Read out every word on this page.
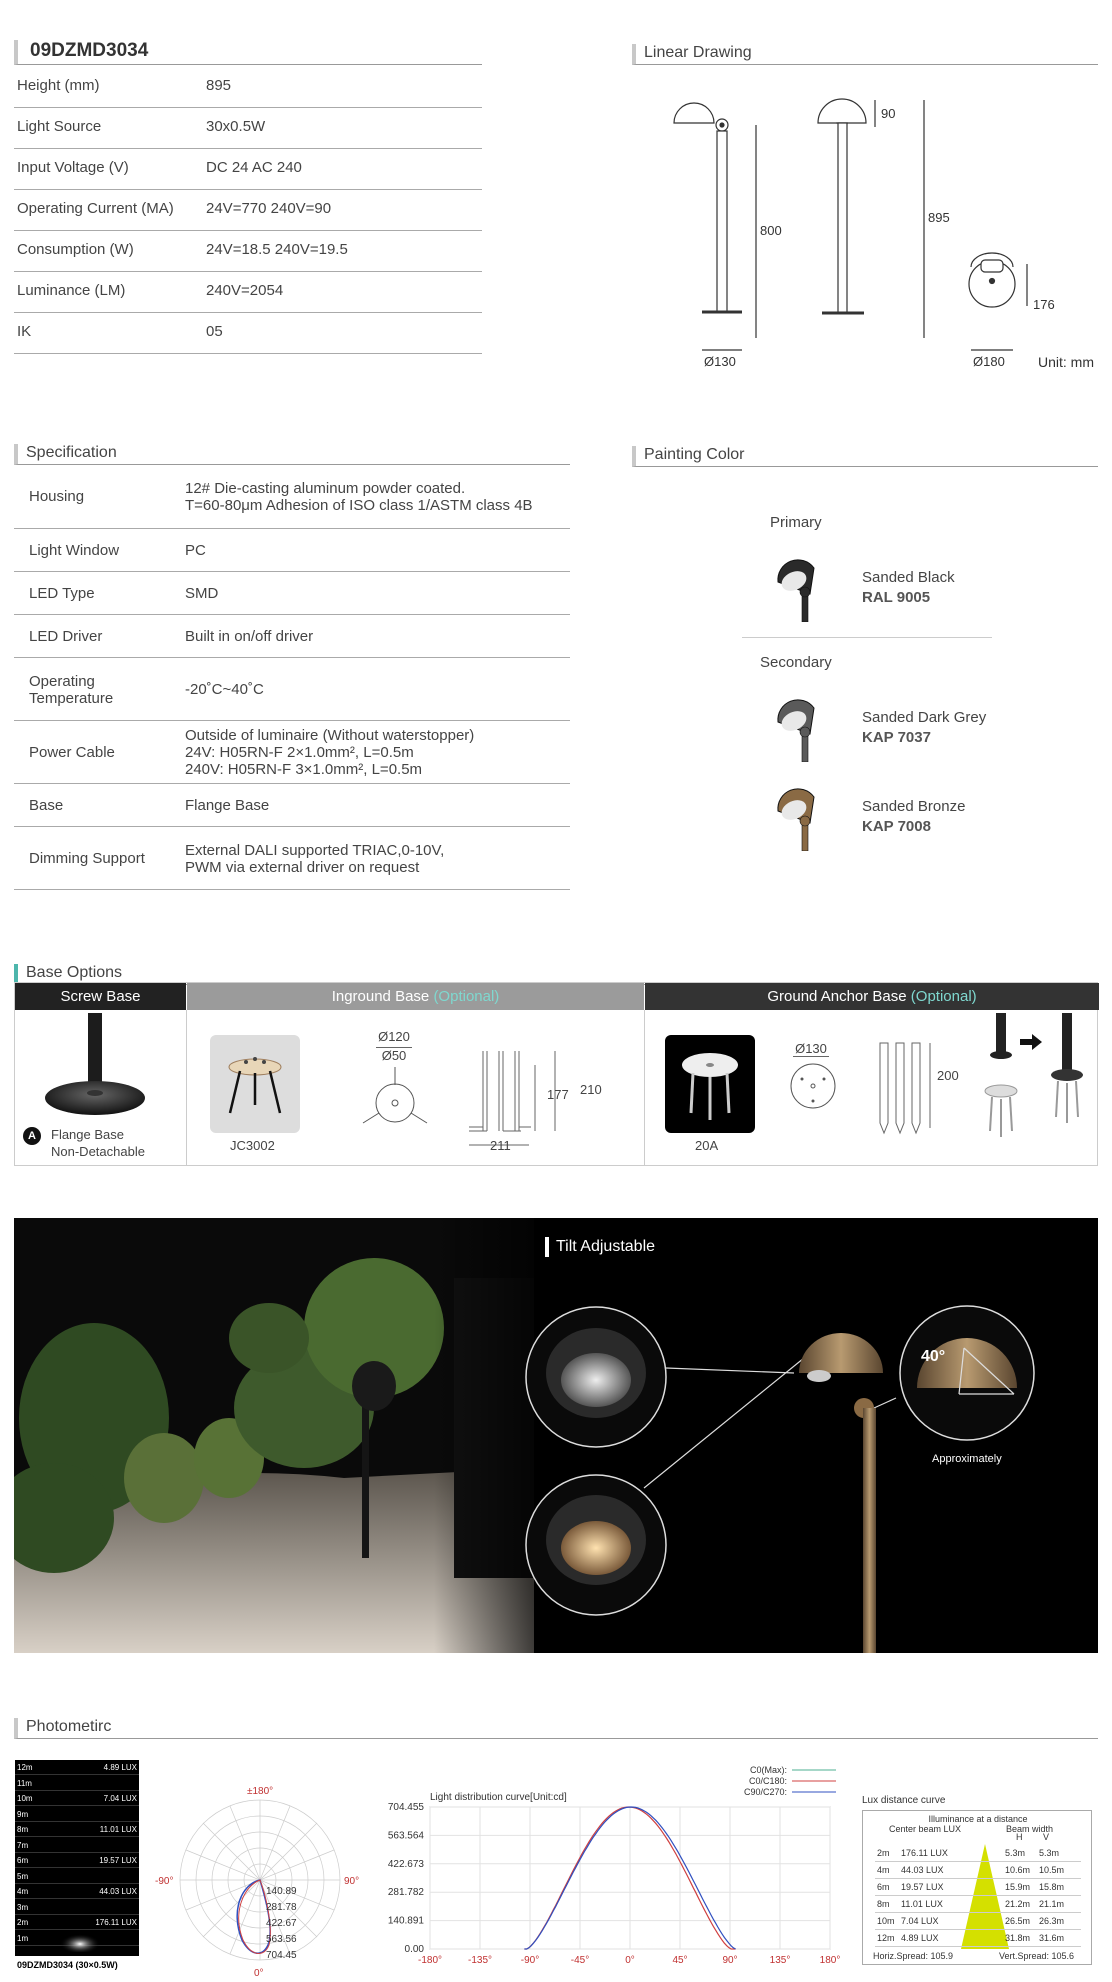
09DZMD3034
Height (mm)	895
Light Source	30x0.5W
Input Voltage (V)	DC 24 AC 240
Operating Current (MA) 24V=770 240V=90
Consumption (W)	24V=18.5 240V=19.5
Luminance (LM)	240V=2054
IK	05
Linear Drawing
800
Ø130
90
895
176
Ø180 Unit: mm
Specification
Housing	12# Die-casting aluminum powder coated.
T=60-80μm Adhesion of ISO class 1/ASTM class 4B
Light Window	PC
LED Type	SMD
LED Driver	Built in on/off driver
Operating
Temperature	-20˚C~40˚C
Power Cable
Outside of luminaire (Without waterstopper)
24V: H05RN-F 2×1.0mm², L=0.5m
240V: H05RN-F 3×1.0mm², L=0.5m
Base	Flange Base
Dimming Support	External DALI supported TRIAC,0-10V,
PWM via external driver on request
Painting Color
Primary
Secondary
Sanded Black
RAL 9005
Sanded Dark Grey
KAP 7037
Sanded Bronze
KAP 7008
Base Options
Screw Base	Inground Base (Optional)	Ground Anchor Base (Optional)
A	Flange Base
Non-Detachable	JC3002
Ø120
Ø50
177 210
211	20A
Ø130
200
Tilt Adjustable
40°
Approximately
Photometirc
12m	4.89 LUX
11m
10m	7.04 LUX
9m
8m	11.01 LUX
7m
6m	19.57 LUX
5m
4m	44.03 LUX
3m
2m	176.11 LUX
1m
09DZMD3034 (30×0.5W)
±180°
-90°	90°
0°
140.89
281.78
422.67
563.56
704.45
Light distribution curve[Unit:cd]
C0(Max):
C0/C180:
C90/C270:
704.455
563.564
422.673
281.782
140.891
0.00
-180°	-135°	-90°	-45°	0°	45°	90°	135°	180°
Lux distance curve
Illuminance at a distance
Center beam LUX	Beam width
H V
2m 176.11 LUX	5.3m 5.3m
4m 44.03 LUX	10.6m 10.5m
6m 19.57 LUX	15.9m 15.8m
8m 11.01 LUX	21.2m 21.1m
10m 7.04 LUX	26.5m 26.3m
12m 4.89 LUX	31.8m 31.6m
Horiz.Spread: 105.9	Vert.Spread: 105.6
